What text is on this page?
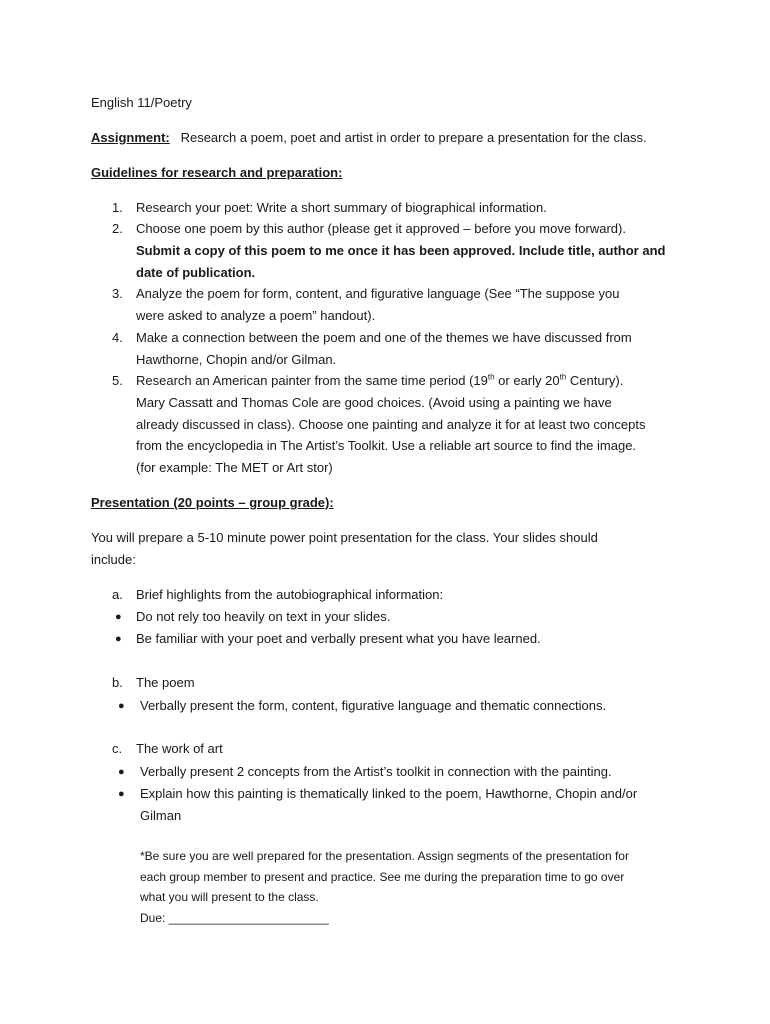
English 11/Poetry
Assignment: Research a poem, poet and artist in order to prepare a presentation for the class.
Guidelines for research and preparation:
1.	Research your poet: Write a short summary of biographical information.
2.	Choose one poem by this author (please get it approved – before you move forward).
Submit a copy of this poem to me once it has been approved. Include title, author and
date of publication.
3.	Analyze the poem for form, content, and figurative language (See “The suppose you
were asked to analyze a poem” handout).
4.	Make a connection between the poem and one of the themes we have discussed from
Hawthorne, Chopin and/or Gilman.
5.	Research an American painter from the same time period (19th or early 20th Century).
Mary Cassatt and Thomas Cole are good choices. (Avoid using a painting we have
already discussed in class). Choose one painting and analyze it for at least two concepts
from the encyclopedia in The Artist’s Toolkit. Use a reliable art source to find the image.
(for example: The MET or Art stor)
Presentation (20 points – group grade):
You will prepare a 5-10 minute power point presentation for the class. Your slides should
include:
a.	Brief highlights from the autobiographical information:
● Do not rely too heavily on text in your slides.
● Be familiar with your poet and verbally present what you have learned.
b.	The poem
● Verbally present the form, content, figurative language and thematic connections.
c.	The work of art
● Verbally present 2 concepts from the Artist’s toolkit in connection with the painting.
● Explain how this painting is thematically linked to the poem, Hawthorne, Chopin and/or
Gilman
*Be sure you are well prepared for the presentation. Assign segments of the presentation for
each group member to present and practice. See me during the preparation time to go over
what you will present to the class.
Due: ________________________
